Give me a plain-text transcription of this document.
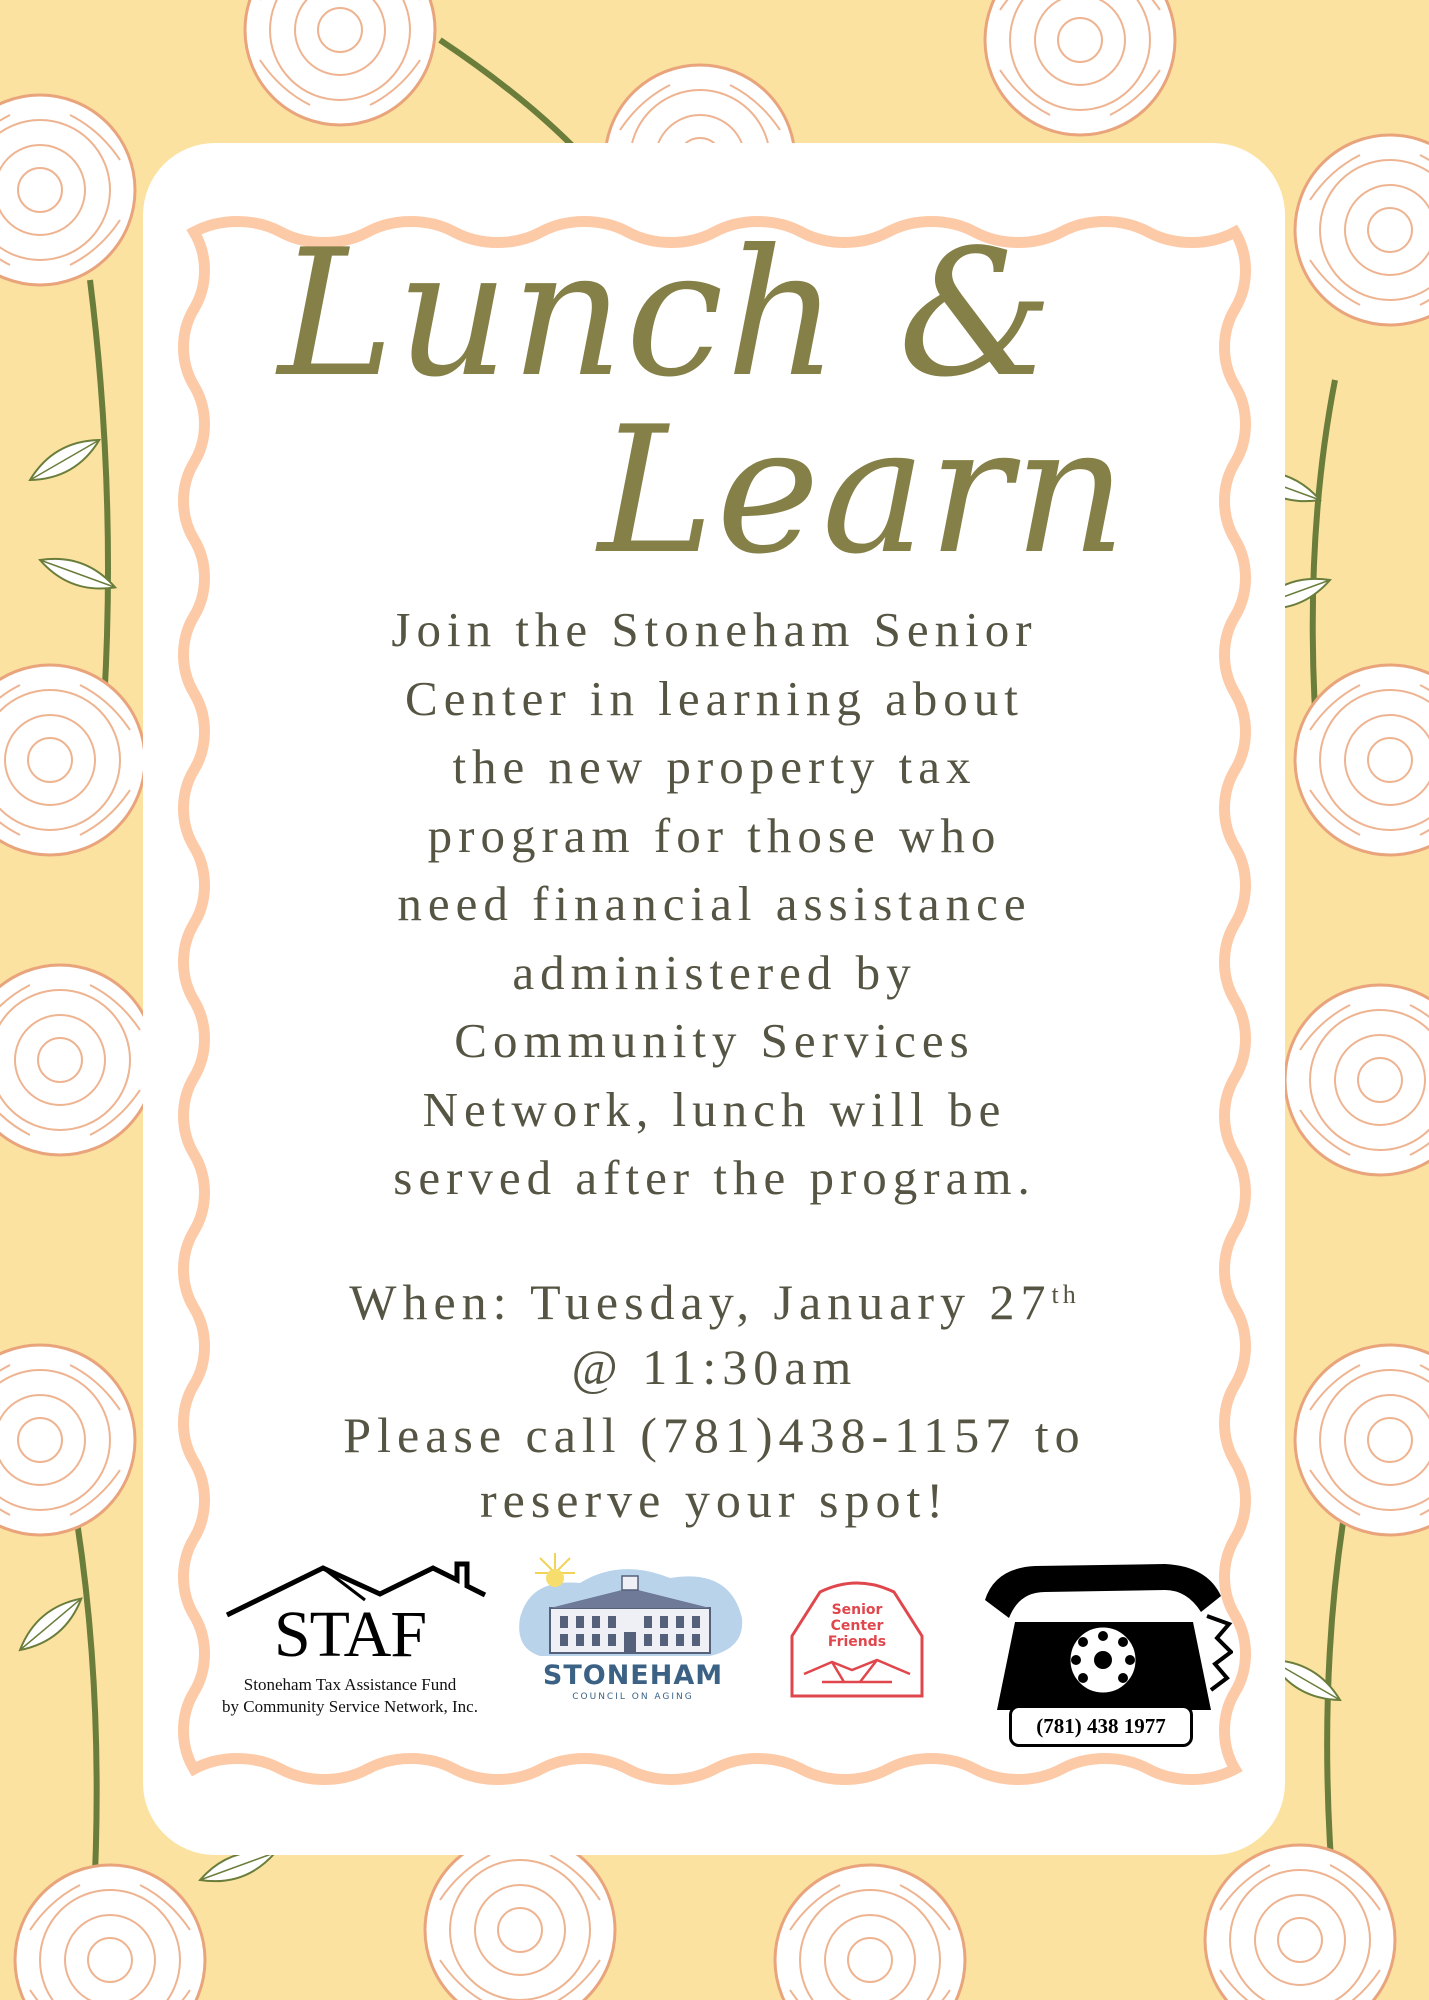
Lunch &
Learn

Join the Stoneham Senior
Center in learning about
the new property tax
program for those who
need financial assistance
administered by
Community Services
Network, lunch will be
served after the program.

When: Tuesday, January 27th
@ 11:30am

Please call (781)438-1157 to
reserve your spot!

STAF
Stoneham Tax Assistance Fund
by Community Service Network, Inc.
STONEHAM
COUNCIL ON AGING
Senior
Center
Friends
(781) 438 1977
